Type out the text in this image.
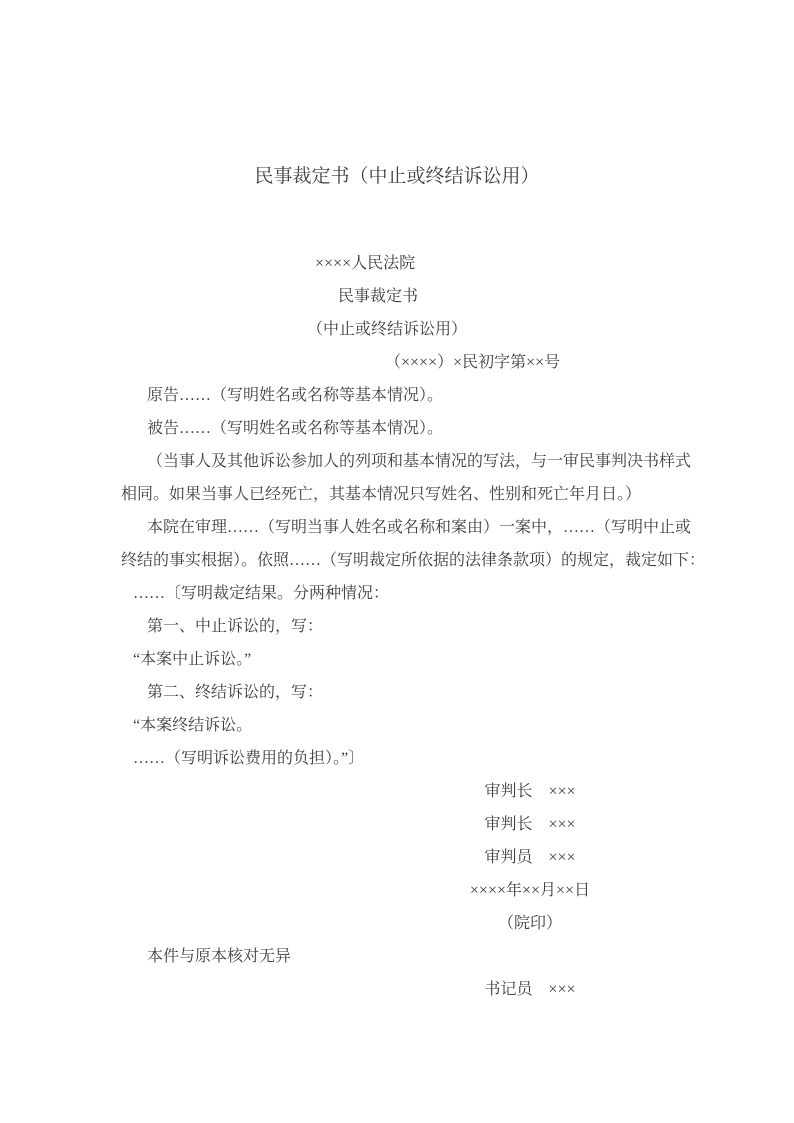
民事裁定书（中止或终结诉讼用）
××××人民法院
民事裁定书
（中止或终结诉讼用）
（××××）×民初字第××号
原告……（写明姓名或名称等基本情况）。
被告……（写明姓名或名称等基本情况）。
（当事人及其他诉讼参加人的列项和基本情况的写法，与一审民事判决书样式
相同。如果当事人已经死亡，其基本情况只写姓名、性别和死亡年月日。）
本院在审理……（写明当事人姓名或名称和案由）一案中，……（写明中止或
终结的事实根据）。依照……（写明裁定所依据的法律条款项）的规定，裁定如下：
……〔写明裁定结果。分两种情况：
第一、中止诉讼的，写：
“本案中止诉讼。”
第二、终结诉讼的，写：
“本案终结诉讼。
……（写明诉讼费用的负担）。”〕
审判长 ×××
审判长 ×××
审判员 ×××
××××年××月××日
（院印）
本件与原本核对无异
书记员 ×××
